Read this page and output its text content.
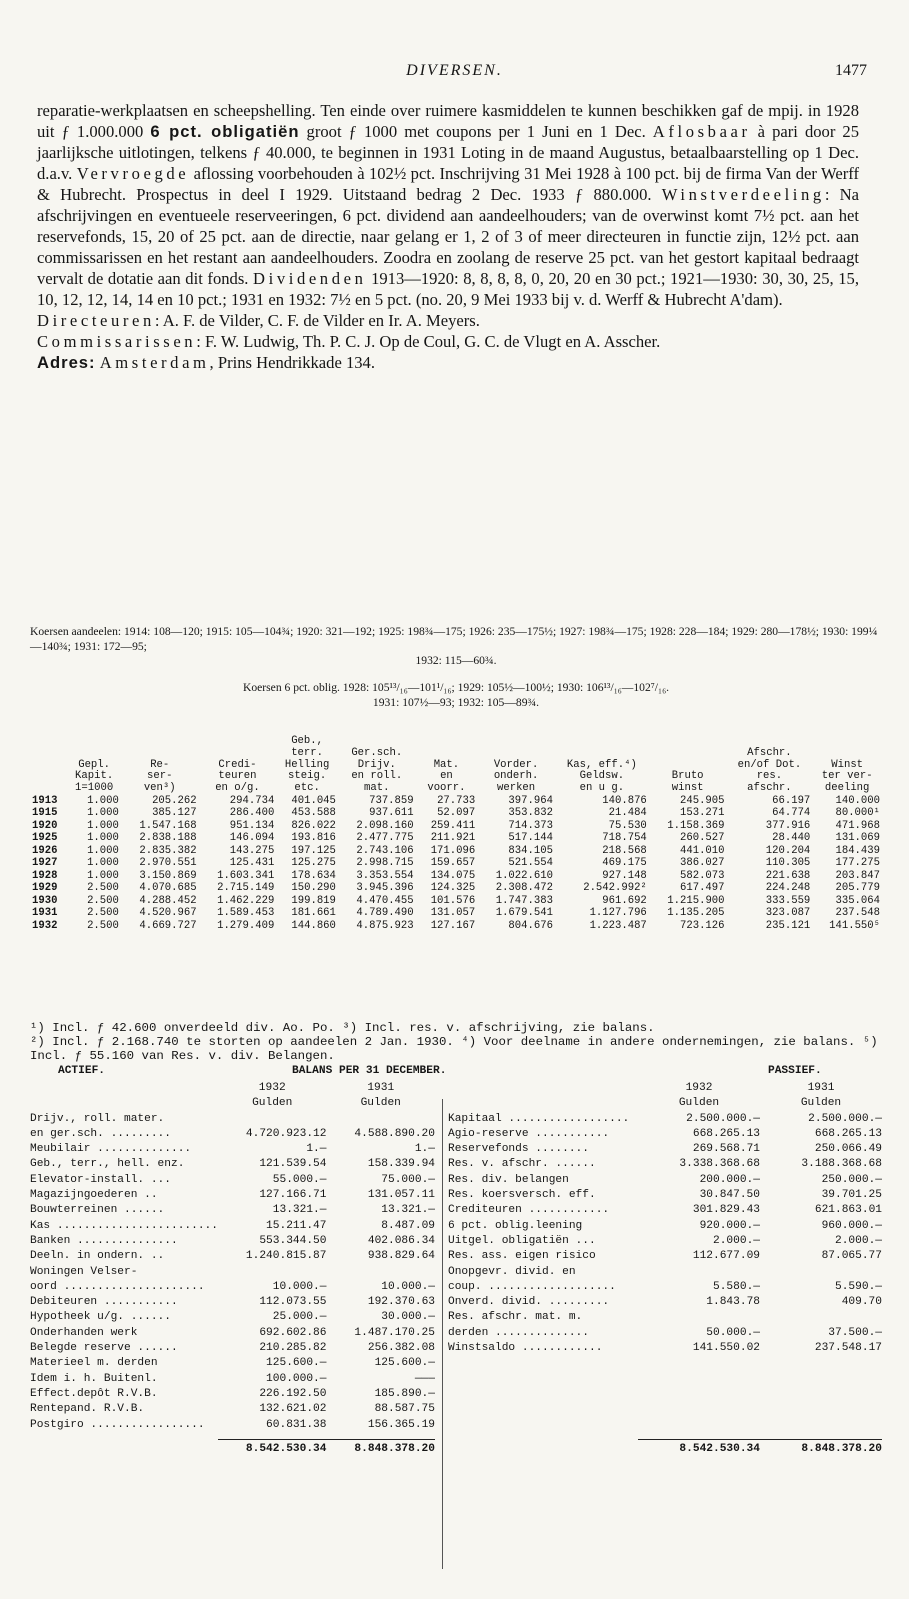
DIVERSEN.	1477

reparatie-werkplaatsen en scheepshelling. Ten einde over ruimere kasmiddelen te kunnen beschikken gaf de mpij. in 1928 uit ƒ 1.000.000 6 pct. obligatiën groot ƒ 1000 met coupons per 1 Juni en 1 Dec. Aflosbaar à pari door 25 jaarlijksche uitlotingen, telkens ƒ 40.000, te beginnen in 1931 Loting in de maand Augustus, betaalbaarstelling op 1 Dec. d.a.v. Vervroegde aflossing voorbehouden à 102½ pct. Inschrijving 31 Mei 1928 à 100 pct. bij de firma Van der Werff & Hubrecht. Prospectus in deel I 1929. Uitstaand bedrag 2 Dec. 1933 ƒ 880.000. Winstverdeeling: Na afschrijvingen en eventueele reserveeringen, 6 pct. dividend aan aandeelhouders; van de overwinst komt 7½ pct. aan het reservefonds, 15, 20 of 25 pct. aan de directie, naar gelang er 1, 2 of 3 of meer directeuren in functie zijn, 12½ pct. aan commissarissen en het restant aan aandeelhouders. Zoodra en zoolang de reserve 25 pct. van het gestort kapitaal bedraagt vervalt de dotatie aan dit fonds. Dividenden 1913—1920: 8, 8, 8, 8, 0, 20, 20 en 30 pct.; 1921—1930: 30, 30, 25, 15, 10, 12, 12, 14, 14 en 10 pct.; 1931 en 1932: 7½ en 5 pct. (no. 20, 9 Mei 1933 bij v. d. Werff & Hubrecht A'dam).

Directeuren: A. F. de Vilder, C. F. de Vilder en Ir. A. Meyers.

Commissarissen: F. W. Ludwig, Th. P. C. J. Op de Coul, G. C. de Vlugt en A. Asscher.

Adres: Amsterdam, Prins Hendrikkade 134.

Koersen aandeelen: 1914: 108—120; 1915: 105—104¾; 1920: 321—192; 1925: 198¾—175; 1926: 235—175½; 1927: 198¾—175; 1928: 228—184; 1929: 280—178½; 1930: 199¼—140¾; 1931: 172—95;

1932: 115—60¾.

Koersen 6 pct. oblig. 1928: 105¹³/₁₆—101¹/₁₆; 1929: 105½—100½; 1930: 106¹³/₁₆—102⁷/₁₆.

1931: 107½—93; 1932: 105—89¾.

				Geb.,							
				terr.	Ger.sch.					Afschr.	
	Gepl.	Re-	Credi-	Helling	Drijv.	Mat.	Vorder.	Kas, eff.⁴)		en/of Dot.	Winst
	Kapit.	ser-	teuren	steig.	en roll.	en	onderh.	Geldsw.	Bruto	res.	ter ver-
	1=1000	ven³)	en o/g.	etc.	mat.	voorr.	werken	en u g.	winst	afschr.	deeling
1913	1.000	205.262	294.734	401.045	737.859	27.733	397.964	140.876	245.905	66.197	140.000
1915	1.000	385.127	286.400	453.588	937.611	52.097	353.832	21.484	153.271	64.774	80.000¹
1920	1.000	1.547.168	951.134	826.022	2.098.160	259.411	714.373	75.530	1.158.369	377.916	471.968
1925	1.000	2.838.188	146.094	193.816	2.477.775	211.921	517.144	718.754	260.527	28.440	131.069
1926	1.000	2.835.382	143.275	197.125	2.743.106	171.096	834.105	218.568	441.010	120.204	184.439
1927	1.000	2.970.551	125.431	125.275	2.998.715	159.657	521.554	469.175	386.027	110.305	177.275
1928	1.000	3.150.869	1.603.341	178.634	3.353.554	134.075	1.022.610	927.148	582.073	221.638	203.847
1929	2.500	4.070.685	2.715.149	150.290	3.945.396	124.325	2.308.472	2.542.992²	617.497	224.248	205.779
1930	2.500	4.288.452	1.462.229	199.819	4.470.455	101.576	1.747.383	961.692	1.215.900	333.559	335.064
1931	2.500	4.520.967	1.589.453	181.661	4.789.490	131.057	1.679.541	1.127.796	1.135.205	323.087	237.548
1932	2.500	4.669.727	1.279.409	144.860	4.875.923	127.167	804.676	1.223.487	723.126	235.121	141.550⁵

¹) Incl. ƒ 42.600 onverdeeld div. Ao. Po. ³) Incl. res. v. afschrijving, zie balans.

²) Incl. ƒ 2.168.740 te storten op aandeelen 2 Jan. 1930. ⁴) Voor deelname in andere ondernemingen, zie balans. ⁵) Incl. ƒ 55.160 van Res. v. div. Belangen.

ACTIEF.	BALANS PER 31 DECEMBER.	PASSIEF.
	1932	1931
	Gulden	Gulden
Drijv., roll. mater.		
en ger.sch. .........	4.720.923.12	4.588.890.20
Meubilair ..............	1.—	1.—
Geb., terr., hell. enz.	121.539.54	158.339.94
Elevator-install. ...	55.000.—	75.000.—
Magazijngoederen ..	127.166.71	131.057.11
Bouwterreinen ......	13.321.—	13.321.—
Kas ........................	15.211.47	8.487.09
Banken ...............	553.344.50	402.086.34
Deeln. in ondern. ..	1.240.815.87	938.829.64
Woningen Velser-		
oord .....................	10.000.—	10.000.—
Debiteuren ...........	112.073.55	192.370.63
Hypotheek u/g. ......	25.000.—	30.000.—
Onderhanden werk	692.602.86	1.487.170.25
Belegde reserve ......	210.285.82	256.382.08
Materieel m. derden	125.600.—	125.600.—
Idem i. h. Buitenl.	100.000.—	———
Effect.depôt R.V.B.	226.192.50	185.890.—
Rentepand. R.V.B.	132.621.02	88.587.75
Postgiro .................	60.831.38	156.365.19

	8.542.530.34	8.848.378.20
	1932	1931
	Gulden	Gulden
Kapitaal ..................	2.500.000.—	2.500.000.—
Agio-reserve ...........	668.265.13	668.265.13
Reservefonds ........	269.568.71	250.066.49
Res. v. afschr. ......	3.338.368.68	3.188.368.68
Res. div. belangen	200.000.—	250.000.—
Res. koersversch. eff.	30.847.50	39.701.25
Crediteuren ............	301.829.43	621.863.01
6 pct. oblig.leening	920.000.—	960.000.—
Uitgel. obligatiën ...	2.000.—	2.000.—
Res. ass. eigen risico	112.677.09	87.065.77
Onopgevr. divid. en		
coup. ...................	5.580.—	5.590.—
Onverd. divid. .........	1.843.78	409.70
Res. afschr. mat. m.		
derden ..............	50.000.—	37.500.—
Winstsaldo ............	141.550.02	237.548.17

	8.542.530.34	8.848.378.20
